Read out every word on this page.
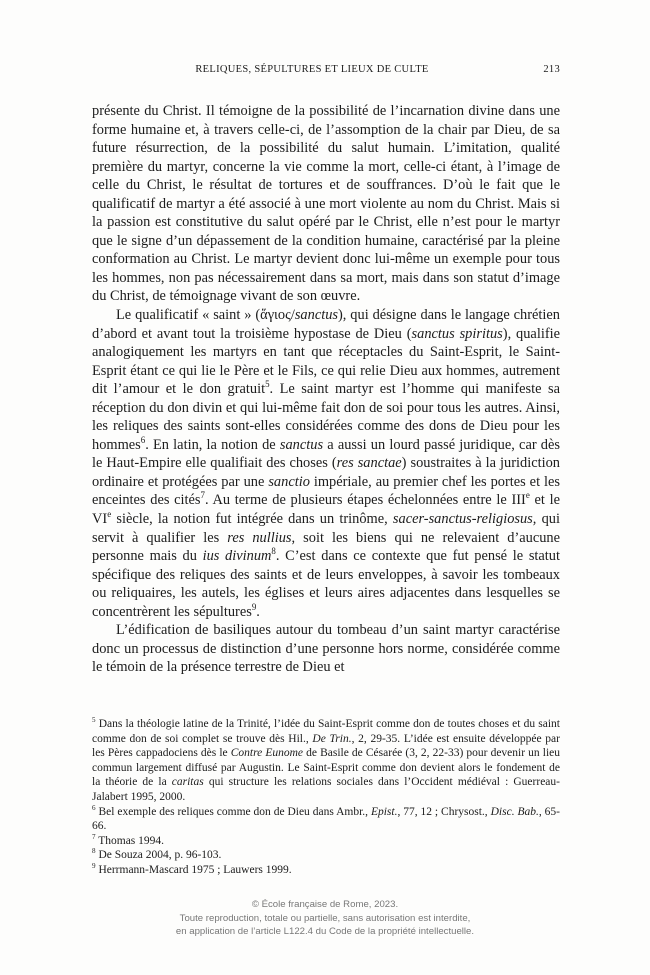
RELIQUES, SÉPULTURES ET LIEUX DE CULTE	213

présente du Christ. Il témoigne de la possibilité de l’incarnation divine dans une forme humaine et, à travers celle-ci, de l’assomption de la chair par Dieu, de sa future résurrection, de la possibilité du salut humain. L’imitation, qualité première du martyr, concerne la vie comme la mort, celle-ci étant, à l’image de celle du Christ, le résultat de tortures et de souffrances. D’où le fait que le qualificatif de martyr a été associé à une mort violente au nom du Christ. Mais si la passion est constitutive du salut opéré par le Christ, elle n’est pour le martyr que le signe d’un dépassement de la condition humaine, caractérisé par la pleine conformation au Christ. Le martyr devient donc lui-même un exemple pour tous les hommes, non pas nécessairement dans sa mort, mais dans son statut d’image du Christ, de témoignage vivant de son œuvre.

Le qualificatif « saint » (ἅγιος/sanctus), qui désigne dans le langage chrétien d’abord et avant tout la troisième hypostase de Dieu (sanctus spiritus), qualifie analogiquement les martyrs en tant que réceptacles du Saint-Esprit, le Saint-Esprit étant ce qui lie le Père et le Fils, ce qui relie Dieu aux hommes, autrement dit l’amour et le don gratuit$^5$. Le saint martyr est l’homme qui manifeste sa réception du don divin et qui lui-même fait don de soi pour tous les autres. Ainsi, les reliques des saints sont-elles considérées comme des dons de Dieu pour les hommes$^6$. En latin, la notion de sanctus a aussi un lourd passé juridique, car dès le Haut-Empire elle qualifiait des choses (res sanctae) soustraites à la juridiction ordinaire et protégées par une sanctio impériale, au premier chef les portes et les enceintes des cités$^7$. Au terme de plusieurs étapes échelonnées entre le IIIe et le VIe siècle, la notion fut intégrée dans un trinôme, sacer-sanctus-religiosus, qui servit à qualifier les res nullius, soit les biens qui ne relevaient d’aucune personne mais du ius divinum$^8$. C’est dans ce contexte que fut pensé le statut spécifique des reliques des saints et de leurs enveloppes, à savoir les tombeaux ou reliquaires, les autels, les églises et leurs aires adjacentes dans lesquelles se concentrèrent les sépultures$^9$.

L’édification de basiliques autour du tombeau d’un saint martyr caractérise donc un processus de distinction d’une personne hors norme, considérée comme le témoin de la présence terrestre de Dieu et

$^5$ Dans la théologie latine de la Trinité, l’idée du Saint-Esprit comme don de toutes choses et du saint comme don de soi complet se trouve dès Hil., De Trin., 2, 29-35. L’idée est ensuite développée par les Pères cappadociens dès le Contre Eunome de Basile de Césarée (3, 2, 22-33) pour devenir un lieu commun largement diffusé par Augustin. Le Saint-Esprit comme don devient alors le fondement de la théorie de la caritas qui structure les relations sociales dans l’Occident médiéval : Guerreau-Jalabert 1995, 2000.

$^6$ Bel exemple des reliques comme don de Dieu dans Ambr., Epist., 77, 12 ; Chrysost., Disc. Bab., 65-66.

$^7$ Thomas 1994.

$^8$ De Souza 2004, p. 96-103.

$^9$ Herrmann-Mascard 1975 ; Lauwers 1999.

© École française de Rome, 2023.
Toute reproduction, totale ou partielle, sans autorisation est interdite,
en application de l’article L122.4 du Code de la propriété intellectuelle.
